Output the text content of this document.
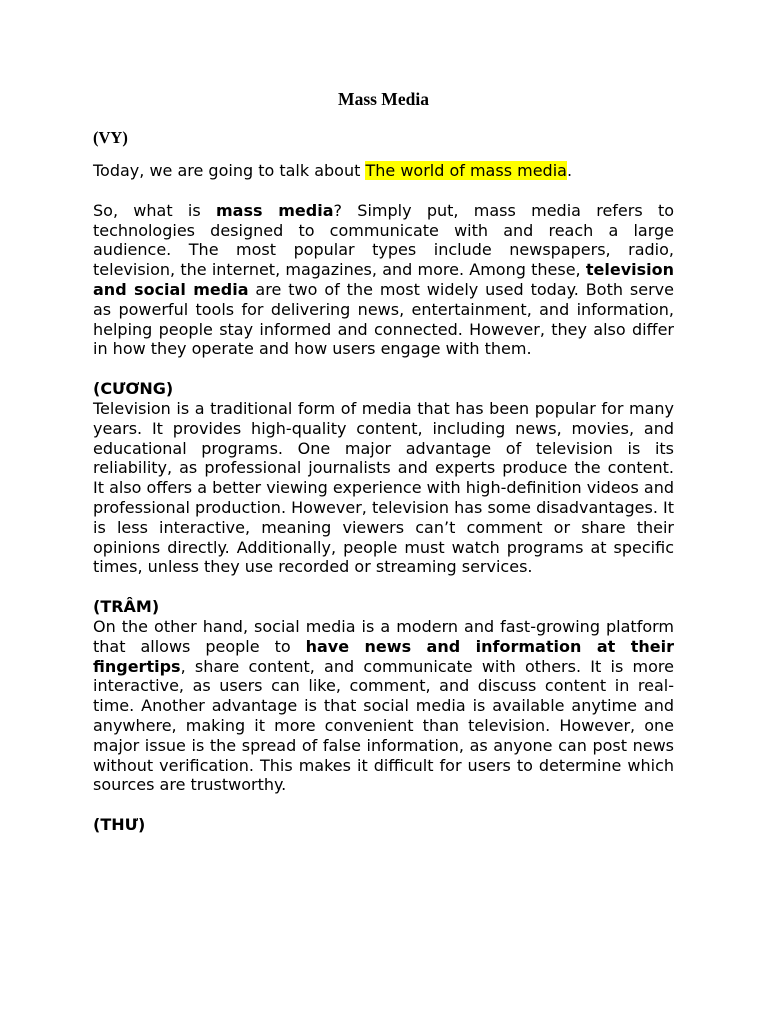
Mass Media
(VY)

Today, we are going to talk about The world of mass media.

So, what is mass media? Simply put, mass media refers to technologies designed to communicate with and reach a large audience. The most popular types include newspapers, radio, television, the internet, magazines, and more. Among these, television and social media are two of the most widely used today. Both serve as powerful tools for delivering news, entertainment, and information, helping people stay informed and connected. However, they also differ in how they operate and how users engage with them.

(CƯƠNG)

Television is a traditional form of media that has been popular for many years. It provides high-quality content, including news, movies, and educational programs. One major advantage of television is its reliability, as professional journalists and experts produce the content. It also offers a better viewing experience with high-definition videos and professional production. However, television has some disadvantages. It is less interactive, meaning viewers can’t comment or share their opinions directly. Additionally, people must watch programs at specific times, unless they use recorded or streaming services.

(TRÂM)

On the other hand, social media is a modern and fast-growing platform that allows people to have news and information at their fingertips, share content, and communicate with others. It is more interactive, as users can like, comment, and discuss content in real-time. Another advantage is that social media is available anytime and anywhere, making it more convenient than television. However, one major issue is the spread of false information, as anyone can post news without verification. This makes it difficult for users to determine which sources are trustworthy.

(THƯ)
